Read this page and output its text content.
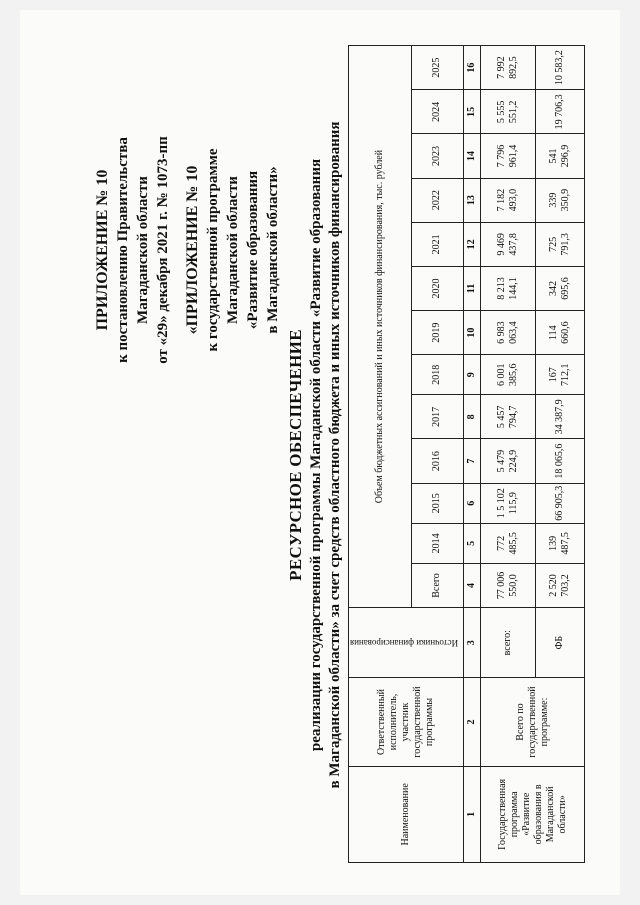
ПРИЛОЖЕНИЕ № 10 к постановлению Правительства Магаданской области от «29» декабря 2021 г. № 1073-пп «ПРИЛОЖЕНИЕ № 10 к государственной программе Магаданской области «Развитие образования в Магаданской области»
РЕСУРСНОЕ ОБЕСПЕЧЕНИЕ реализации государственной программы Магаданской области «Развитие образования в Магаданской области» за счет средств областного бюджета и иных источников финансирования
Наименование	Ответственный исполнитель, участник государственной программы	Источники финансирования	Объем бюджетных ассигнований и иных источников финансирования, тыс. рублей												
			Всего	2014	2015	2016	2017	2018	2019	2020	2021	2022	2023	2024	2025
1	2	3	4	5	6	7	8	9	10	11	12	13	14	15	16
Государственная программа «Развитие образования в Магаданской области»	Всего по государственной программе:	всего:	77 006 550,0	772 485,5	1 5 102 115,9	5 479 224,9	5 457 794,7	6 001 385,6	6 983 063,4	8 213 144,1	9 469 437,8	7 182 493,0	7 796 961,4	5 555 551,2	7 992 892,5
		ФБ	2 520 703,2	139 487,5	66 905,3	18 065,6	34 387,9	167 712,1	114 660,6	342 695,6	725 791,3	339 350,9	541 296,9	19 706,3	10 583,2
